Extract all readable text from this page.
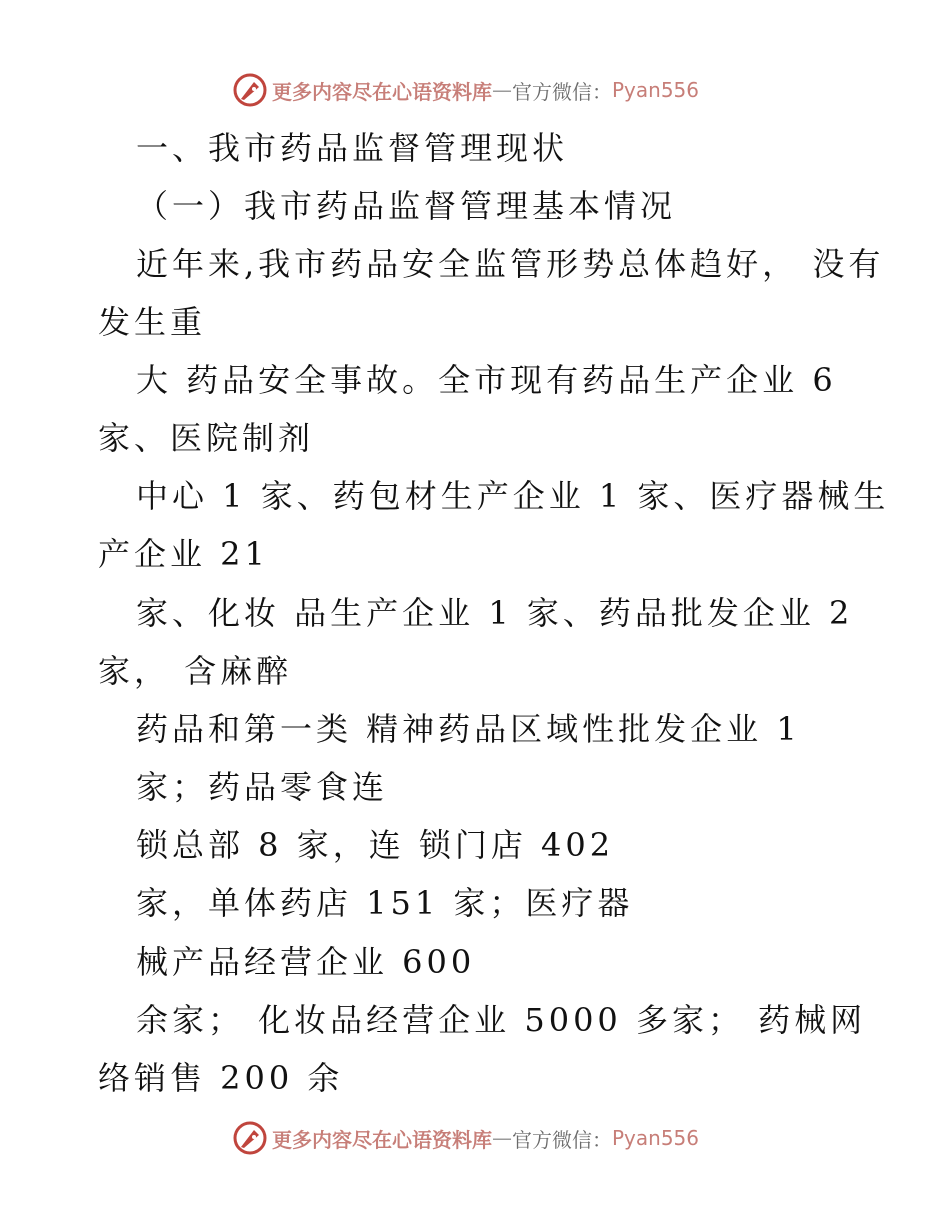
更多内容尽在心语资料库 — 官方微信： Pyan556
一、我市药品监督管理现状
（一）我市药品监督管理基本情况
近年来,我市药品安全监管形势总体趋好， 没有
发生重
大 药品安全事故。全市现有药品生产企业 6
家、医院制剂
中心 1 家、药包材生产企业 1 家、医疗器械生
产企业 21
家、化妆 品生产企业 1 家、药品批发企业 2
家， 含麻醉
药品和第一类 精神药品区域性批发企业 1
家；药品零食连
锁总部 8 家，连 锁门店 402
家，单体药店 151 家；医疗器
械产品经营企业 600
余家； 化妆品经营企业 5000 多家； 药械网
络销售 200 余
更多内容尽在心语资料库 — 官方微信： Pyan556
